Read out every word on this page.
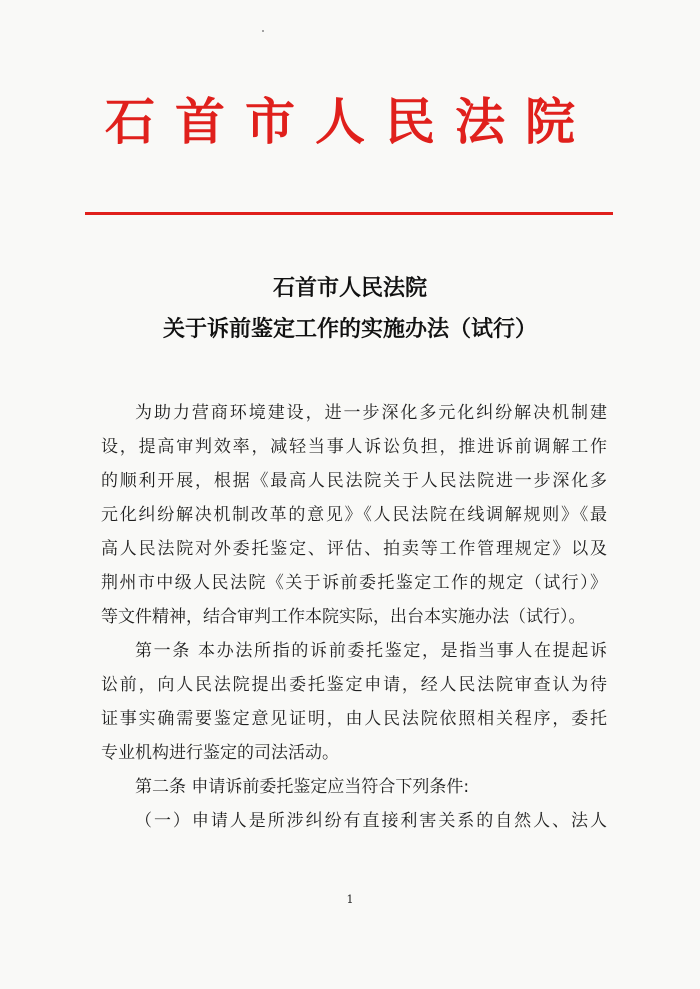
石首市人民法院
石首市人民法院
关于诉前鉴定工作的实施办法（试行）
为助力营商环境建设，进一步深化多元化纠纷解决机制建
设，提高审判效率，减轻当事人诉讼负担，推进诉前调解工作
的顺利开展，根据《最高人民法院关于人民法院进一步深化多
元化纠纷解决机制改革的意见》《人民法院在线调解规则》《最
高人民法院对外委托鉴定、评估、拍卖等工作管理规定》以及
荆州市中级人民法院《关于诉前委托鉴定工作的规定（试行）》
等文件精神，结合审判工作本院实际，出台本实施办法（试行）。
第一条 本办法所指的诉前委托鉴定，是指当事人在提起诉
讼前，向人民法院提出委托鉴定申请，经人民法院审查认为待
证事实确需要鉴定意见证明，由人民法院依照相关程序，委托
专业机构进行鉴定的司法活动。
第二条 申请诉前委托鉴定应当符合下列条件:
（一）申请人是所涉纠纷有直接利害关系的自然人、法人
1
